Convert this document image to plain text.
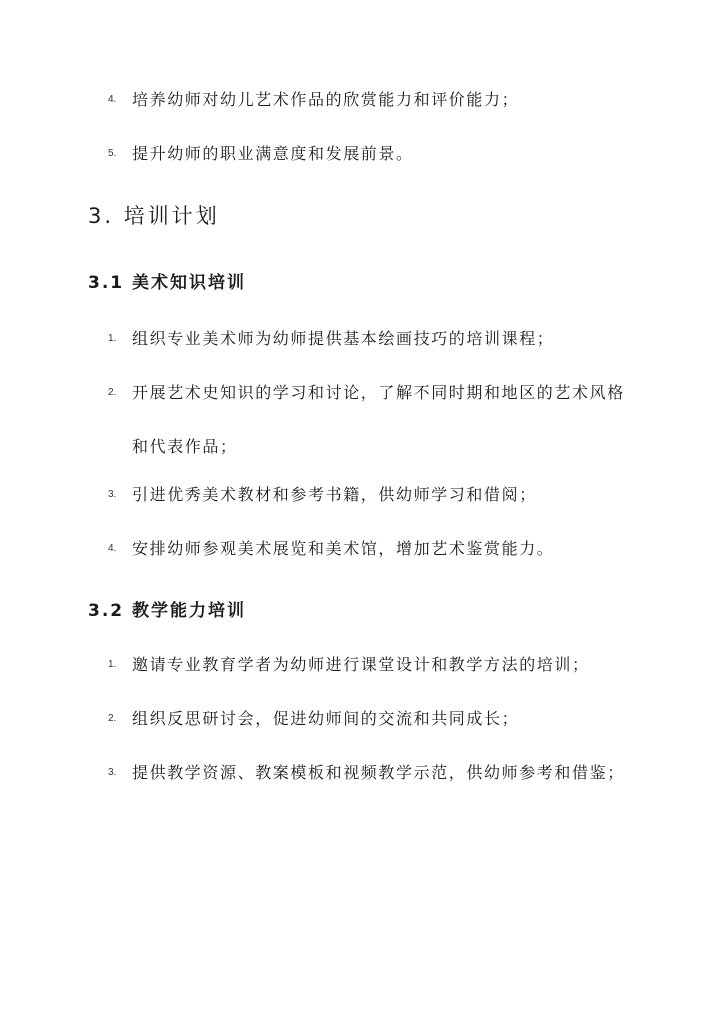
4. 培养幼师对幼儿艺术作品的欣赏能力和评价能力；
5. 提升幼师的职业满意度和发展前景。
3. 培训计划
3.1 美术知识培训
1. 组织专业美术师为幼师提供基本绘画技巧的培训课程；
2. 开展艺术史知识的学习和讨论，了解不同时期和地区的艺术风格和代表作品；
3. 引进优秀美术教材和参考书籍，供幼师学习和借阅；
4. 安排幼师参观美术展览和美术馆，增加艺术鉴赏能力。
3.2 教学能力培训
1. 邀请专业教育学者为幼师进行课堂设计和教学方法的培训；
2. 组织反思研讨会，促进幼师间的交流和共同成长；
3. 提供教学资源、教案模板和视频教学示范，供幼师参考和借鉴；
